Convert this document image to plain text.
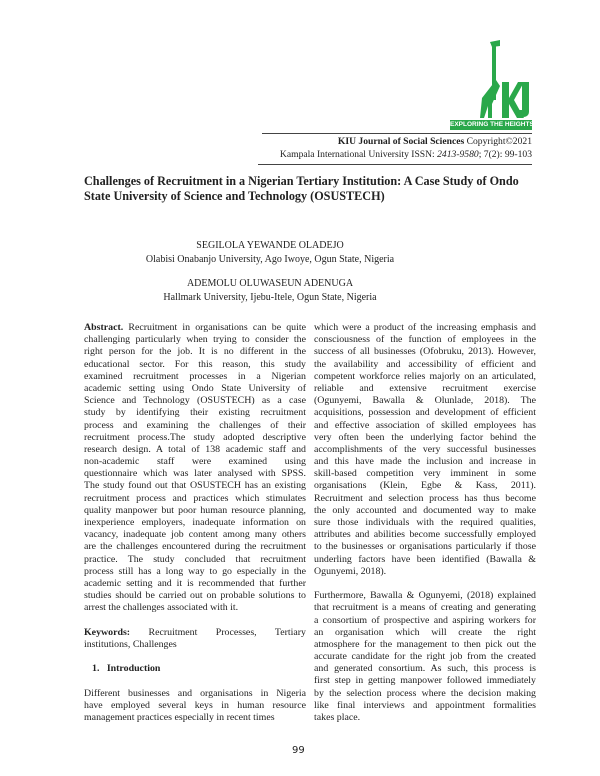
EXPLORING THE HEIGHTS
KIU Journal of Social Sciences Copyright©2021
Kampala International University ISSN: 2413-9580; 7(2): 99-103
Challenges of Recruitment in a Nigerian Tertiary Institution: A Case Study of Ondo State University of Science and Technology (OSUSTECH)
SEGILOLA YEWANDE OLADEJO
Olabisi Onabanjo University, Ago Iwoye, Ogun State, Nigeria
ADEMOLU OLUWASEUN ADENUGA
Hallmark University, Ijebu-Itele, Ogun State, Nigeria
Abstract. Recruitment in organisations can be quite
challenging particularly when trying to consider the
right person for the job. It is no different in the
educational sector. For this reason, this study
examined recruitment processes in a Nigerian
academic setting using Ondo State University of
Science and Technology (OSUSTECH) as a case
study by identifying their existing recruitment
process and examining the challenges of their
recruitment process.The study adopted descriptive
research design. A total of 138 academic staff and
non-academic staff were examined using
questionnaire which was later analysed with SPSS.
The study found out that OSUSTECH has an existing
recruitment process and practices which stimulates
quality manpower but poor human resource planning,
inexperience employers, inadequate information on
vacancy, inadequate job content among many others
are the challenges encountered during the recruitment
practice. The study concluded that recruitment
process still has a long way to go especially in the
academic setting and it is recommended that further
studies should be carried out on probable solutions to
arrest the challenges associated with it.
Keywords: Recruitment Processes, Tertiary
institutions, Challenges
1.   Introduction
Different businesses and organisations in Nigeria
have employed several keys in human resource
management practices especially in recent times
which were a product of the increasing emphasis and
consciousness of the function of employees in the
success of all businesses (Ofobruku, 2013). However,
the availability and accessibility of efficient and
competent workforce relies majorly on an articulated,
reliable and extensive recruitment exercise
(Ogunyemi, Bawalla & Olunlade, 2018). The
acquisitions, possession and development of efficient
and effective association of skilled employees has
very often been the underlying factor behind the
accomplishments of the very successful businesses
and this have made the inclusion and increase in
skill-based competition very imminent in some
organisations (Klein, Egbe & Kass, 2011).
Recruitment and selection process has thus become
the only accounted and documented way to make
sure those individuals with the required qualities,
attributes and abilities become successfully employed
to the businesses or organisations particularly if those
underling factors have been identified (Bawalla &
Ogunyemi, 2018).
Furthermore, Bawalla & Ogunyemi, (2018) explained
that recruitment is a means of creating and generating
a consortium of prospective and aspiring workers for
an organisation which will create the right
atmosphere for the management to then pick out the
accurate candidate for the right job from the created
and generated consortium. As such, this process is
first step in getting manpower followed immediately
by the selection process where the decision making
like final interviews and appointment formalities
takes place.
99
